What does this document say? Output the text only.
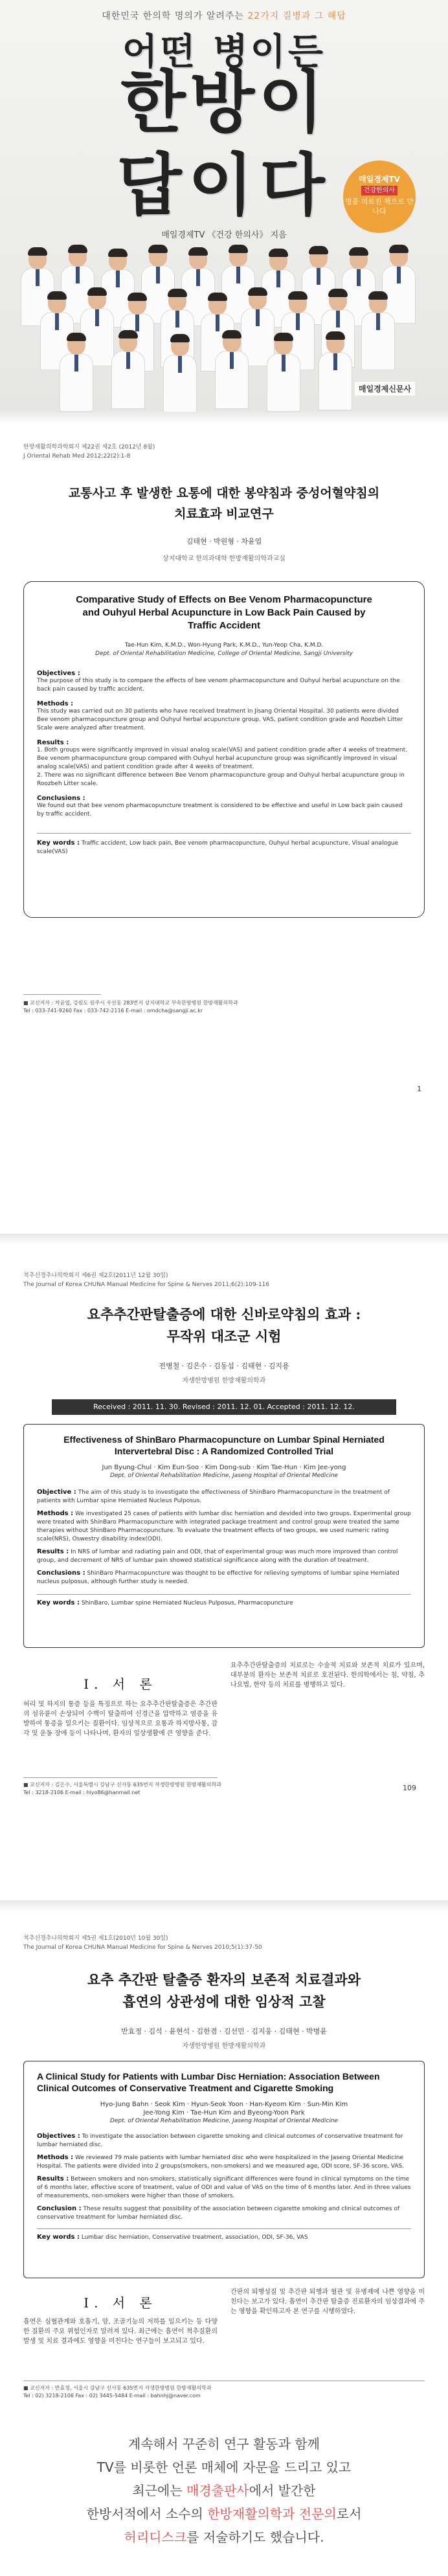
대한민국 한의학 명의가 알려주는 22가지 질병과 그 해답
어떤 병이든
한방이
답이다	매일경제TV
건강한의사
명품 의료진 책으로 만나다
매일경제TV 《건강 한의사》 지음
매일경제신문사
한방재활의학과학회지 제22권 제2호 (2012년 8월)
J Oriental Rehab Med 2012;22(2):1-8
교통사고 후 발생한 요통에 대한 봉약침과 중성어혈약침의
치료효과 비교연구
김태현 · 박원형 · 차윤엽
상지대학교 한의과대학 한방재활의학과교실
Comparative Study of Effects on Bee Venom Pharmacopuncture
and Ouhyul Herbal Acupuncture in Low Back Pain Caused by
Traffic Accident
Tae-Hun Kim, K.M.D., Won-Hyung Park, K.M.D., Yun-Yeop Cha, K.M.D.
Dept. of Oriental Rehabilitation Medicine, College of Oriental Medicine, Sangji University
Objectives :
The purpose of this study is to compare the effects of bee venom pharmacopuncture and Ouhyul herbal acupuncture on the back pain caused by traffic accident.
Methods :
This study was carried out on 30 patients who have received treatment in Jisang Oriental Hospital. 30 patients were divided Bee venom pharmacopuncture group and Ouhyul herbal acupuncture group. VAS, patient condition grade and Roozbeh Litter Scale were analyzed after treatment.
Results :
1. Both groups were significantly improved in visual analog scale(VAS) and patient condition grade after 4 weeks of treatment. Bee venom pharmacopuncture group compared with Ouhyul herbal acupuncture group was significantly improved in visual analog scale(VAS) and patient condition grade after 4 weeks of treatment.
2. There was no significant difference between Bee Venom pharmacopuncture group and Ouhyul herbal acupuncture group in Roozbeh Litter scale.
Conclusions :
We found out that bee venom pharmacopuncture treatment is considered to be effective and useful in Low back pain caused by traffic accident.
Key words : Traffic accident, Low back pain, Bee venom pharmacopuncture, Ouhyul herbal acupuncture, Visual analogue scale(VAS)
■ 교신저자 : 차윤엽, 강원도 원주시 우산동 283번지 상지대학교 부속한방병원 한방재활의학과
Tel : 033-741-9260 Fax : 033-742-2116 E-mail : omdcha@sangji.ac.kr
1
척추신경추나의학회지 제6권 제2호(2011년 12월 30일)
The Journal of Korea CHUNA Manual Medicine for Spine & Nerves 2011;6(2):109-116
요추추간판탈출증에 대한 신바로약침의 효과 :
무작위 대조군 시험
전병철 · 김은수 · 김동섭 · 김태현 · 김지용
자생한방병원 한방재활의학과
Received : 2011. 11. 30. Revised : 2011. 12. 01. Accepted : 2011. 12. 12.
Effectiveness of ShinBaro Pharmacopuncture on Lumbar Spinal Herniated
Intervertebral Disc : A Randomized Controlled Trial
Jun Byung-Chul · Kim Eun-Soo · Kim Dong-sub · Kim Tae-Hun · Kim Jee-yong
Dept. of Oriental Rehabilitation Medicine, Jaseng Hospital of Oriental Medicine
Objective : The aim of this study is to investigate the effectiveness of ShinBaro Pharmacopuncture in the treatment of patients with Lumbar spine Herniated Nucleus Pulposus.
Methods : We investigated 25 cases of patients with lumbar disc herniation and devided into two groups. Experimental group were treated with ShinBaro Pharmacopuncture with integrated package treatment and control group were treated the same therapies without ShinBaro Pharmacopuncture. To evaluate the treatment effects of two groups, we used numeric rating scale(NRS), Oswestry disability index(ODI).
Results : In NRS of lumbar and radiating pain and ODI, that of experimental group was much more improved than control group, and decrement of NRS of lumbar pain showed statistical significance along with the duration of treatment.
Conclusions : ShinBaro Pharmacopuncture was thought to be effective for relieving symptoms of lumbar spine Herniated nucleus pulposus, although further study is needed.
Key words : ShinBaro, Lumbar spine Herniated Nucleus Pulposus, Pharmacopuncture
Ⅰ. 서 론
허리 및 하지의 통증 등을 특징으로 하는 요추추간판탈출증은 추간판의 섬유륜이 손상되어 수핵이 탈출하여 신경근을 압박하고 염증을 유발하여 통증을 일으키는 질환이다. 임상적으로 요통과 하지방사통, 감각 및 운동 장애 등이 나타나며, 환자의 일상생활에 큰 영향을 준다.
요추추간판탈출증의 치료로는 수술적 치료와 보존적 치료가 있으며, 대부분의 환자는 보존적 치료로 호전된다. 한의학에서는 침, 약침, 추나요법, 한약 등의 치료를 병행하고 있다.
■ 교신저자 : 김은수, 서울특별시 강남구 신사동 635번지 자생한방병원 한방재활의학과
Tel : 3218-2106 E-mail : hiyo86@hanmail.net
109
척추신경추나의학회지 제5권 제1호(2010년 10월 30일)
The Journal of Korea CHUNA Manual Medicine for Spine & Nerves 2010;5(1):37-50
요추 추간판 탈출증 환자의 보존적 치료결과와
흡연의 상관성에 대한 임상적 고찰
반효정 · 김석 · 윤현석 · 김한겸 · 김선민 · 김지웅 · 김태현 · 박병윤
자생한방병원 한방재활의학과
A Clinical Study for Patients with Lumbar Disc Herniation: Association Between
Clinical Outcomes of Conservative Treatment and Cigarette Smoking
Hyo-Jung Bahn · Seok Kim · Hyun-Seok Yoon · Han-Kyeom Kim · Sun-Min Kim
Jee-Yong Kim · Tae-Hun Kim and Byeong-Yoon Park
Dept. of Oriental Rehabilitation Medicine, Jaseng Hospital of Oriental Medicine
Objectives : To investigate the association between cigarette smoking and clinical outcomes of conservative treatment for lumbar herniated disc.
Methods : We reviewed 79 male patients with lumbar herniated disc who were hospitalized in the Jaseng Oriental Medicine Hospital. The patients were divided into 2 groups(smokers, non-smokers) and we measured age, ODI score, SF-36 score, VAS.
Results : Between smokers and non-smokers, statistically significant differences were found in clinical symptoms on the time of 6 months later, effective score of treatment, value of ODI and value of VAS on the time of 6 months later. And in three values of measurements, non-smokers were higher than those of smokers.
Conclusion : These results suggest that possibility of the association between cigarette smoking and clinical outcomes of conservative treatment for lumbar herniated disc.
Key words : Lumbar disc herniation, Conservative treatment, association, ODI, SF-36, VAS
Ⅰ. 서 론
흡연은 심혈관계와 호흡기, 암, 조골기능의 저하를 일으키는 등 다양한 질환의 주요 위험인자로 알려져 있다. 최근에는 흡연이 척추질환의 발생 및 치료 결과에도 영향을 미친다는 연구들이 보고되고 있다.
간판의 퇴행성질 및 추간판 퇴행과 혈관 및 유병제에 나쁜 영향을 미친다는 보고가 있다. 흡연이 추간판 탈출증 진료환자의 임상결과에 주는 영향을 확인하고자 본 연구를 시행하였다.
■ 교신저자 : 반효정, 서울시 강남구 신사동 635번지 자생한방병원 한방재활의학과
Tel : 02) 3218-2106 Fax : 02) 3445-5484 E-mail : bahnhj@naver.com
계속해서 꾸준히 연구 활동과 함께
TV를 비롯한 언론 매체에 자문을 드리고 있고
최근에는 매경출판사에서 발간한
한방서적에서 소수의 한방재활의학과 전문의로서
허리디스크를 저술하기도 했습니다.
